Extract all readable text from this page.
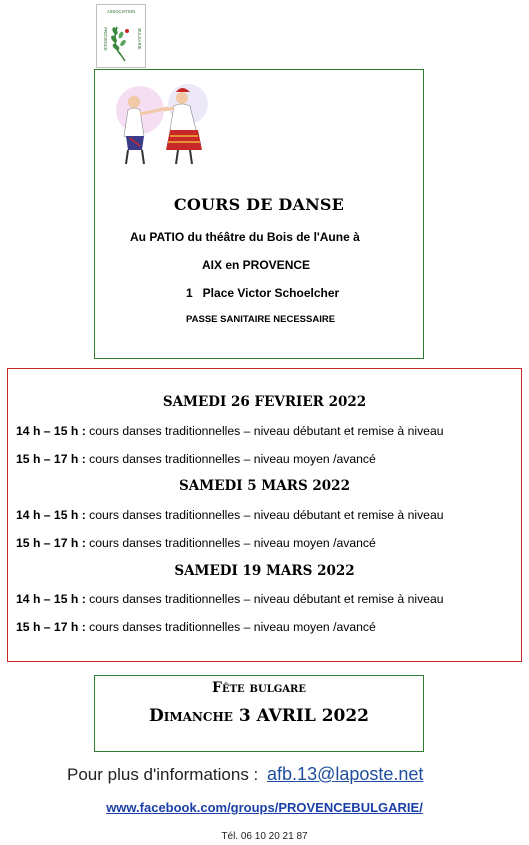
ASSOCIATION
PROVENCE	BULGARIE
COURS DE DANSE
Au PATIO du théâtre du Bois de l'Aune à
AIX en PROVENCE
1   Place Victor Schoelcher
PASSE SANITAIRE NECESSAIRE
SAMEDI 26 FEVRIER 2022
14 h – 15 h : cours danses traditionnelles – niveau débutant et remise à niveau
15 h – 17 h : cours danses traditionnelles – niveau moyen /avancé
SAMEDI 5 MARS 2022
14 h – 15 h : cours danses traditionnelles – niveau débutant et remise à niveau
15 h – 17 h : cours danses traditionnelles – niveau moyen /avancé
SAMEDI 19 MARS 2022
14 h – 15 h : cours danses traditionnelles – niveau débutant et remise à niveau
15 h – 17 h : cours danses traditionnelles – niveau moyen /avancé
Fête bulgare
Dimanche 3 AVRIL 2022
Pour plus d'informations : afb.13@laposte.net
www.facebook.com/groups/PROVENCEBULGARIE/
Tél. 06 10 20 21 87
